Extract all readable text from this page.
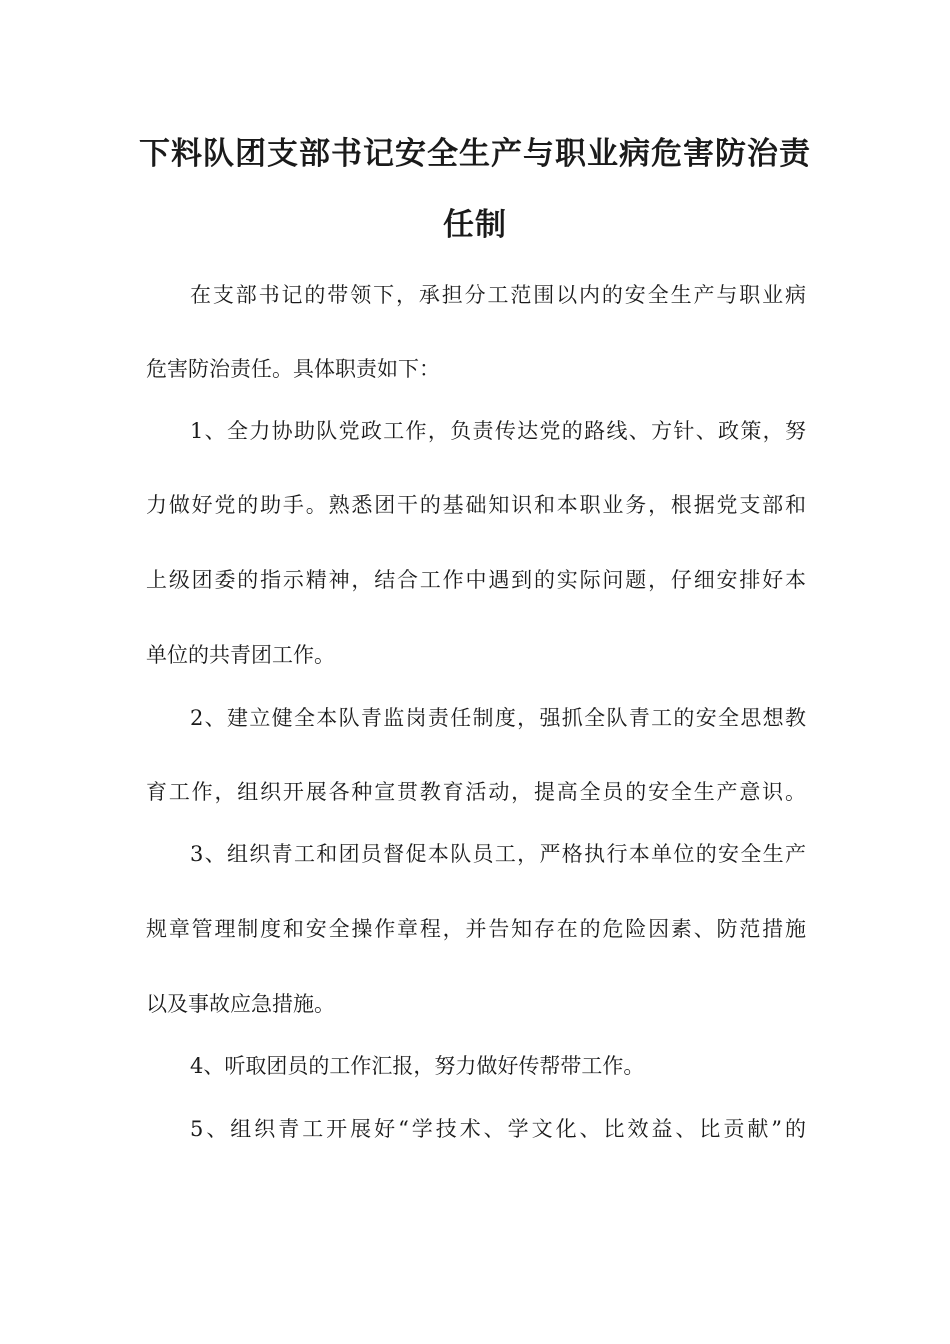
下料队团支部书记安全生产与职业病危害防治责
任制
在支部书记的带领下，承担分工范围以内的安全生产与职业病
危害防治责任。具体职责如下：
1、全力协助队党政工作，负责传达党的路线、方针、政策，努
力做好党的助手。熟悉团干的基础知识和本职业务，根据党支部和
上级团委的指示精神，结合工作中遇到的实际问题，仔细安排好本
单位的共青团工作。
2、建立健全本队青监岗责任制度，强抓全队青工的安全思想教
育工作，组织开展各种宣贯教育活动，提高全员的安全生产意识。
3、组织青工和团员督促本队员工，严格执行本单位的安全生产
规章管理制度和安全操作章程，并告知存在的危险因素、防范措施
以及事故应急措施。
4、听取团员的工作汇报，努力做好传帮带工作。
5、组织青工开展好“学技术、学文化、比效益、比贡献”的
